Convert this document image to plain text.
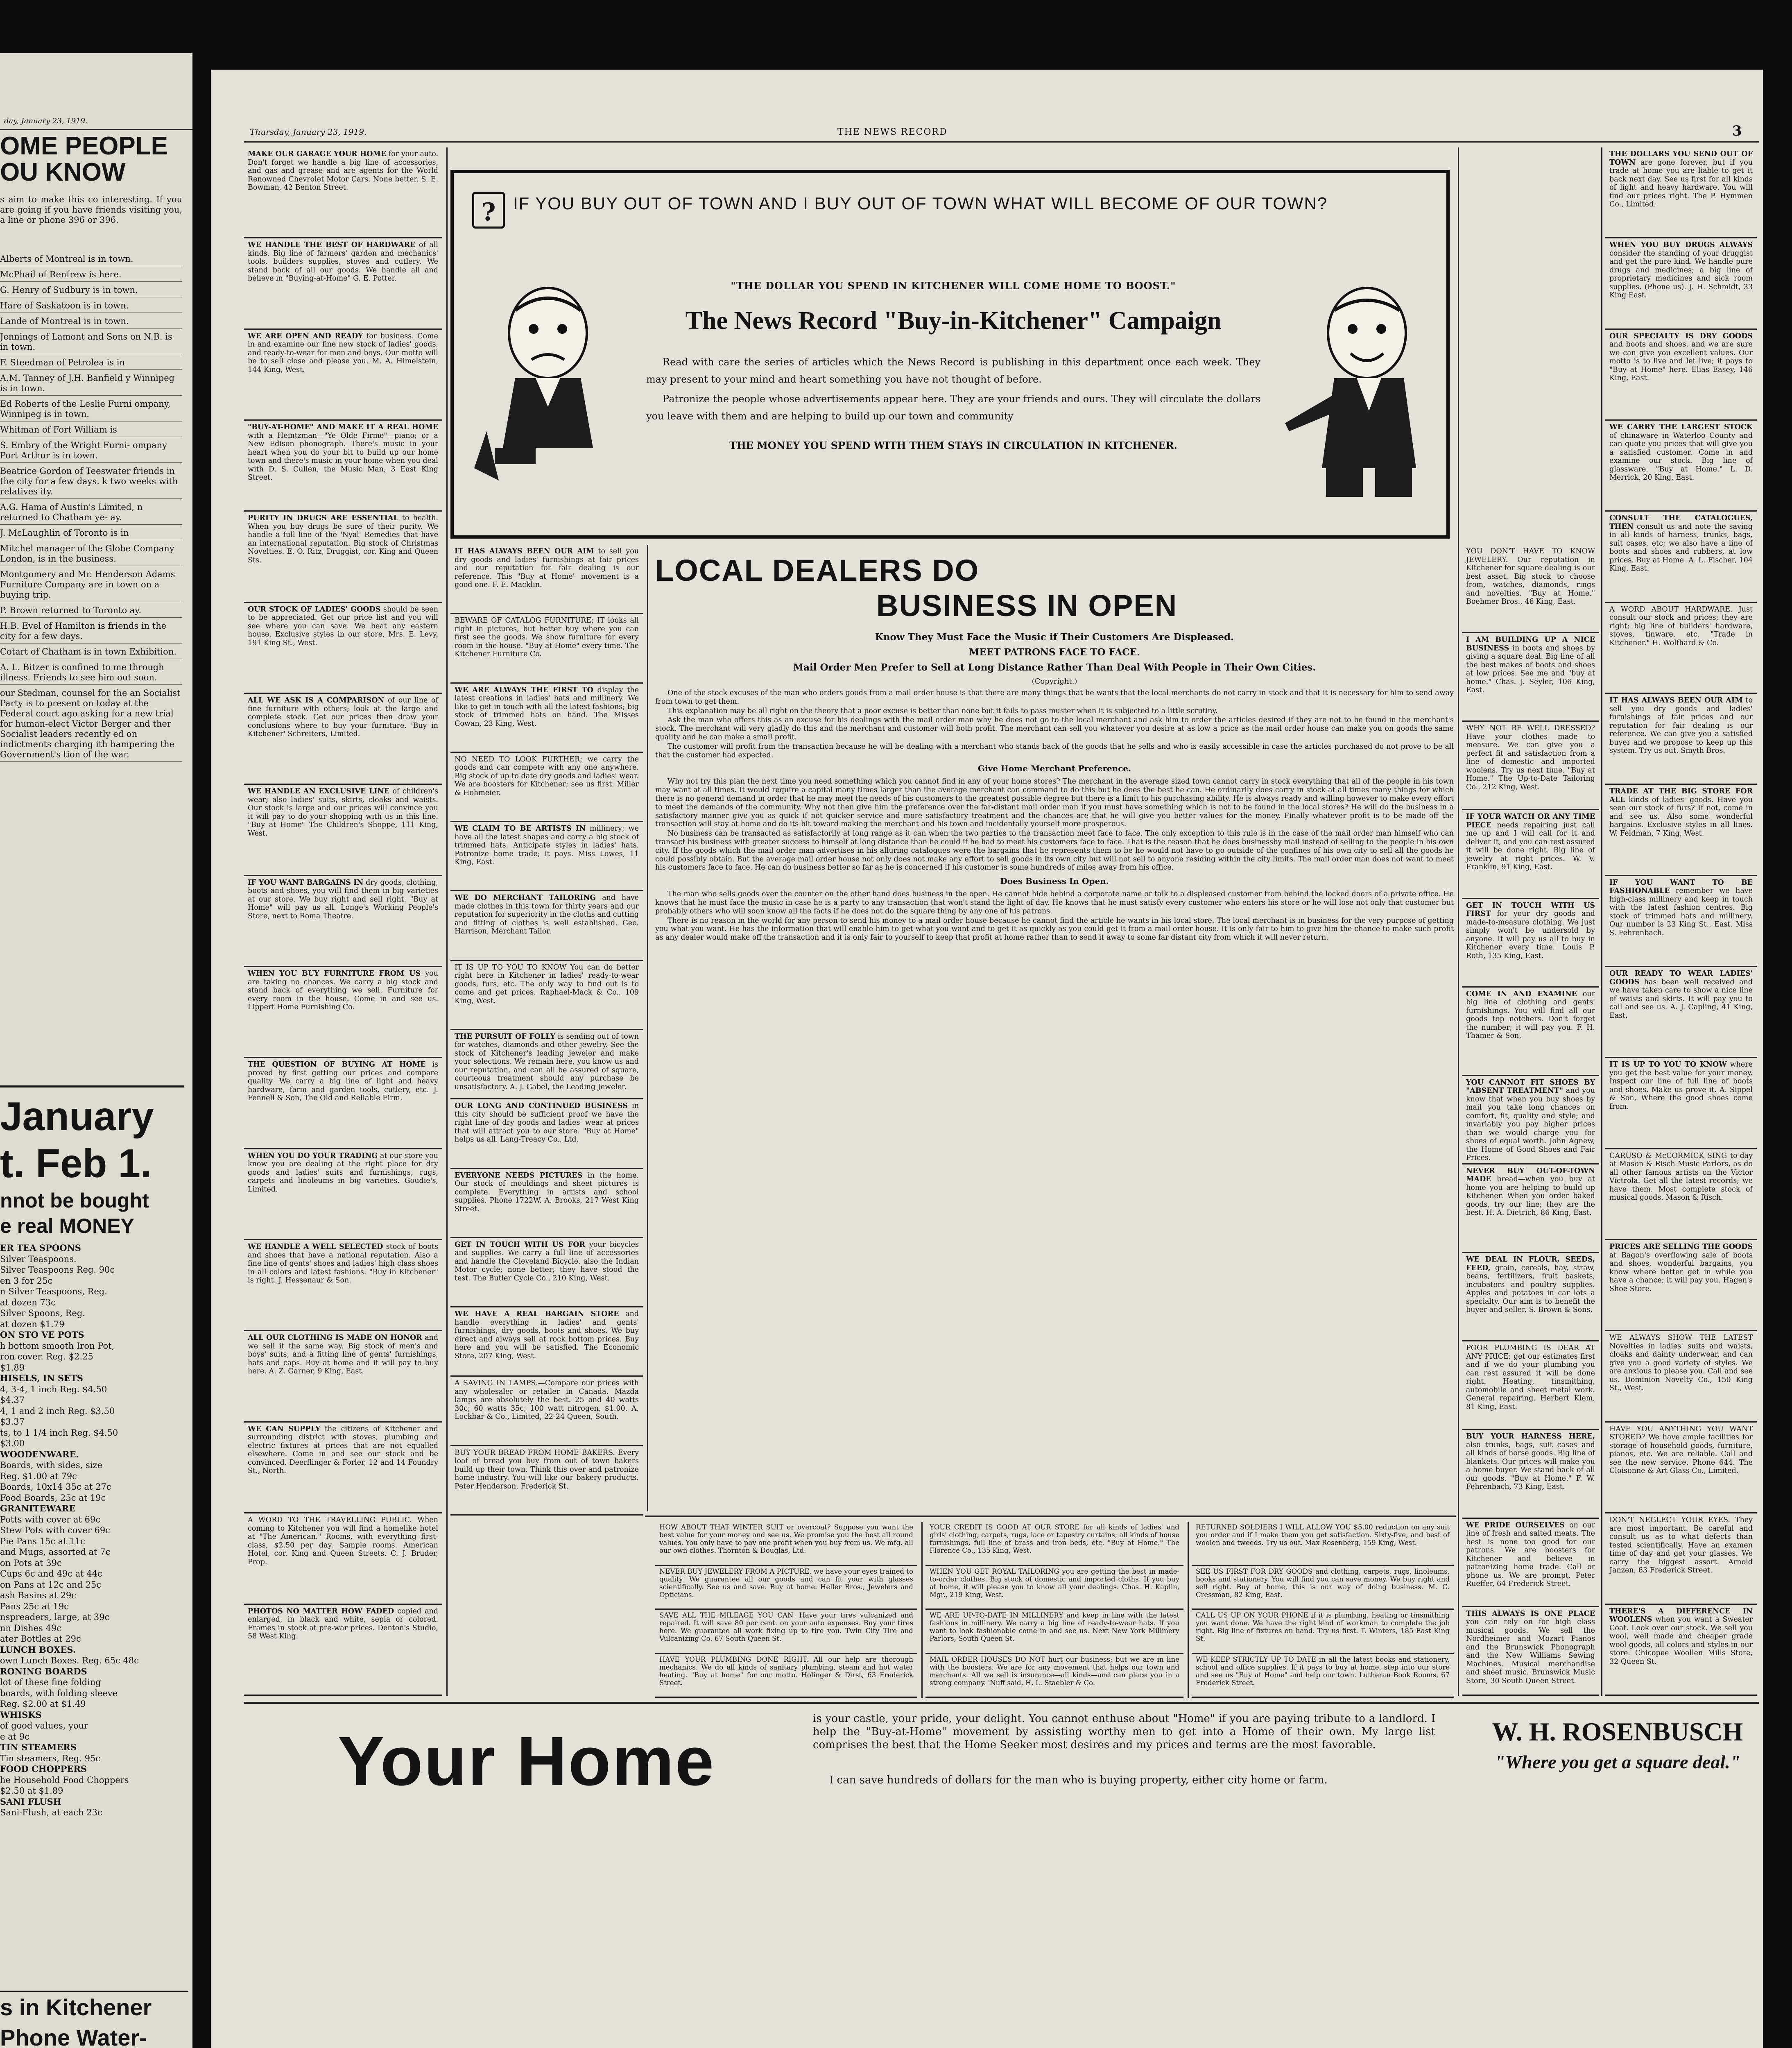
day, January 23, 1919.
OME PEOPLE
OU KNOW
s aim to make this co interesting. If you are going if you have friends visiting you, a line or phone 396 or 396.

Alberts of Montreal is in town.

McPhail of Renfrew is here.

G. Henry of Sudbury is in town.

Hare of Saskatoon is in town.

Lande of Montreal is in town.

Jennings of Lamont and Sons on N.B. is in town.

F. Steedman of Petrolea is in

A.M. Tanney of J.H. Banfield y Winnipeg is in town.

Ed Roberts of the Leslie Furni ompany, Winnipeg is in town.

Whitman of Fort William is

S. Embry of the Wright Furni- ompany Port Arthur is in town.

Beatrice Gordon of Teeswater friends in the city for a few days. k two weeks with relatives ity.

A.G. Hama of Austin's Limited, n returned to Chatham ye- ay.

J. McLaughlin of Toronto is in

Mitchel manager of the Globe Company London, is in the business.

Montgomery and Mr. Henderson Adams Furniture Company are in town on a buying trip.

P. Brown returned to Toronto ay.

H.B. Evel of Hamilton is friends in the city for a few days.

Cotart of Chatham is in town Exhibition.

A. L. Bitzer is confined to me through illness. Friends to see him out soon.

our Stedman, counsel for the an Socialist Party is to present on today at the Federal court ago asking for a new trial for human-elect Victor Berger and ther Socialist leaders recently ed on indictments charging ith hampering the Government's tion of the war.

January
t. Feb 1.
nnot be bought
e real MONEY
ER TEA SPOONS
Silver Teaspoons.
Silver Teaspoons Reg. 90c
en 3 for 25c
n Silver Teaspoons, Reg.
at dozen 73c
Silver Spoons, Reg.
at dozen $1.79
ON STO VE POTS
h bottom smooth Iron Pot,
ron cover. Reg. $2.25
$1.89
HISELS, IN SETS
4, 3-4, 1 inch Reg. $4.50
$4.37
4, 1 and 2 inch Reg. $3.50
$3.37
ts, to 1 1/4 inch Reg. $4.50
$3.00
WOODENWARE.
Boards, with sides, size
Reg. $1.00 at 79c
Boards, 10x14 35c at 27c
Food Boards, 25c at 19c
GRANITEWARE
Potts with cover at 69c
Stew Pots with cover 69c
Pie Pans 15c at 11c
and Mugs, assorted at 7c
on Pots at 39c
Cups 6c and 49c at 44c
on Pans at 12c and 25c
ash Basins at 29c
Pans 25c at 19c
nspreaders, large, at 39c
nn Dishes 49c
ater Bottles at 29c
LUNCH BOXES.
own Lunch Boxes. Reg. 65c 48c
RONING BOARDS
lot of these fine folding
boards, with folding sleeve
Reg. $2.00 at $1.49
WHISKS
of good values, your
e at 9c
TIN STEAMERS
Tin steamers, Reg. 95c
FOOD CHOPPERS
he Household Food Choppers
$2.50 at $1.89
SANI FLUSH
Sani-Flush, at each 23c
s in Kitchener
Phone Water-
Thursday, January 23, 1919.	THE NEWS RECORD	3

MAKE OUR GARAGE YOUR HOME for your auto. Don't forget we handle a big line of accessories, and gas and grease and are agents for the World Renowned Chevrolet Motor Cars. None better. S. E. Bowman, 42 Benton Street.

WE HANDLE THE BEST OF HARDWARE of all kinds. Big line of farmers' garden and mechanics' tools, builders supplies, stoves and cutlery. We stand back of all our goods. We handle all and believe in "Buying-at-Home" G. E. Potter.

WE ARE OPEN AND READY for business. Come in and examine our fine new stock of ladies' goods, and ready-to-wear for men and boys. Our motto will be to sell close and please you. M. A. Himelstein, 144 King, West.

"BUY-AT-HOME" AND MAKE IT A REAL HOME with a Heintzman—"Ye Olde Firme"—piano; or a New Edison phonograph. There's music in your heart when you do your bit to build up our home town and there's music in your home when you deal with D. S. Cullen, the Music Man, 3 East King Street.

PURITY IN DRUGS ARE ESSENTIAL to health. When you buy drugs be sure of their purity. We handle a full line of the 'Nyal' Remedies that have an international reputation. Big stock of Christmas Novelties. E. O. Ritz, Druggist, cor. King and Queen Sts.

OUR STOCK OF LADIES' GOODS should be seen to be appreciated. Get our price list and you will see where you can save. We beat any eastern house. Exclusive styles in our store, Mrs. E. Levy, 191 King St., West.

ALL WE ASK IS A COMPARISON of our line of fine furniture with others; look at the large and complete stock. Get our prices then draw your conclusions where to buy your furniture. 'Buy in Kitchener' Schreiters, Limited.

WE HANDLE AN EXCLUSIVE LINE of children's wear; also ladies' suits, skirts, cloaks and waists. Our stock is large and our prices will convince you it will pay to do your shopping with us in this line. "Buy at Home" The Children's Shoppe, 111 King, West.

IF YOU WANT BARGAINS IN dry goods, clothing, boots and shoes, you will find them in big varieties at our store. We buy right and sell right. "Buy at Home" will pay us all. Longe's Working People's Store, next to Roma Theatre.

WHEN YOU BUY FURNITURE FROM US you are taking no chances. We carry a big stock and stand back of everything we sell. Furniture for every room in the house. Come in and see us. Lippert Home Furnishing Co.

THE QUESTION OF BUYING AT HOME is proved by first getting our prices and compare quality. We carry a big line of light and heavy hardware, farm and garden tools, cutlery, etc. J. Fennell & Son, The Old and Reliable Firm.

WHEN YOU DO YOUR TRADING at our store you know you are dealing at the right place for dry goods and ladies' suits and furnishings, rugs, carpets and linoleums in big varieties. Goudie's, Limited.

WE HANDLE A WELL SELECTED stock of boots and shoes that have a national reputation. Also a fine line of gents' shoes and ladies' high class shoes in all colors and latest fashions. "Buy in Kitchener" is right. J. Hessenaur & Son.

ALL OUR CLOTHING IS MADE ON HONOR and we sell it the same way. Big stock of men's and boys' suits, and a fitting line of gents' furnishings, hats and caps. Buy at home and it will pay to buy here. A. Z. Garner, 9 King, East.

WE CAN SUPPLY the citizens of Kitchener and surrounding district with stoves, plumbing and electric fixtures at prices that are not equalled elsewhere. Come in and see our stock and be convinced. Deerflinger & Forler, 12 and 14 Foundry St., North.

A WORD TO THE TRAVELLING PUBLIC. When coming to Kitchener you will find a homelike hotel at "The American." Rooms, with everything first-class, $2.50 per day. Sample rooms. American Hotel, cor. King and Queen Streets. C. J. Bruder, Prop.

PHOTOS NO MATTER HOW FADED copied and enlarged, in black and white, sepia or colored. Frames in stock at pre-war prices. Denton's Studio, 58 West King.

?	IF YOU BUY OUT OF TOWN AND I BUY OUT OF TOWN WHAT WILL BECOME OF OUR TOWN?
"THE DOLLAR YOU SPEND IN KITCHENER WILL COME HOME TO BOOST."
The News Record "Buy-in-Kitchener" Campaign
Read with care the series of articles which the News Record is publishing in this department once each week. They may present to your mind and heart something you have not thought of before.
Patronize the people whose advertisements appear here. They are your friends and ours. They will circulate the dollars you leave with them and are helping to build up our town and community
THE MONEY YOU SPEND WITH THEM STAYS IN CIRCULATION IN KITCHENER.

IT HAS ALWAYS BEEN OUR AIM to sell you dry goods and ladies' furnishings at fair prices and our reputation for fair dealing is our reference. This "Buy at Home" movement is a good one. F. E. Macklin.

BEWARE OF CATALOG FURNITURE; IT looks all right in pictures, but better buy where you can first see the goods. We show furniture for every room in the house. "Buy at Home" every time. The Kitchener Furniture Co.

WE ARE ALWAYS THE FIRST TO display the latest creations in ladies' hats and millinery. We like to get in touch with all the latest fashions; big stock of trimmed hats on hand. The Misses Cowan, 23 King, West.

NO NEED TO LOOK FURTHER; we carry the goods and can compete with any one anywhere. Big stock of up to date dry goods and ladies' wear. We are boosters for Kitchener; see us first. Miller & Hohmeier.

WE CLAIM TO BE ARTISTS IN millinery; we have all the latest shapes and carry a big stock of trimmed hats. Anticipate styles in ladies' hats. Patronize home trade; it pays. Miss Lowes, 11 King, East.

WE DO MERCHANT TAILORING and have made clothes in this town for thirty years and our reputation for superiority in the cloths and cutting and fitting of clothes is well established. Geo. Harrison, Merchant Tailor.

IT IS UP TO YOU TO KNOW You can do better right here in Kitchener in ladies' ready-to-wear goods, furs, etc. The only way to find out is to come and get prices. Raphael-Mack & Co., 109 King, West.

THE PURSUIT OF FOLLY is sending out of town for watches, diamonds and other jewelry. See the stock of Kitchener's leading jeweler and make your selections. We remain here, you know us and our reputation, and can all be assured of square, courteous treatment should any purchase be unsatisfactory. A. J. Gabel, the Leading Jeweler.

OUR LONG AND CONTINUED BUSINESS in this city should be sufficient proof we have the right line of dry goods and ladies' wear at prices that will attract you to our store. "Buy at Home" helps us all. Lang-Treacy Co., Ltd.

EVERYONE NEEDS PICTURES in the home. Our stock of mouldings and sheet pictures is complete. Everything in artists and school supplies. Phone 1722W. A. Brooks, 217 West King Street.

GET IN TOUCH WITH US FOR your bicycles and supplies. We carry a full line of accessories and handle the Cleveland Bicycle, also the Indian Motor cycle; none better; they have stood the test. The Butler Cycle Co., 210 King, West.

WE HAVE A REAL BARGAIN STORE and handle everything in ladies' and gents' furnishings, dry goods, boots and shoes. We buy direct and always sell at rock bottom prices. Buy here and you will be satisfied. The Economic Store, 207 King, West.

A SAVING IN LAMPS.—Compare our prices with any wholesaler or retailer in Canada. Mazda lamps are absolutely the best. 25 and 40 watts 30c; 60 watts 35c; 100 watt nitrogen, $1.00. A. Lockbar & Co., Limited, 22-24 Queen, South.

BUY YOUR BREAD FROM HOME BAKERS. Every loaf of bread you buy from out of town bakers build up their town. Think this over and patronize home industry. You will like our bakery products. Peter Henderson, Frederick St.

LOCAL DEALERS DO
BUSINESS IN OPEN
Know They Must Face the Music if Their Customers Are Displeased.
MEET PATRONS FACE TO FACE.
Mail Order Men Prefer to Sell at Long Distance Rather Than Deal With People in Their Own Cities.
(Copyright.)

One of the stock excuses of the man who orders goods from a mail order house is that there are many things that he wants that the local merchants do not carry in stock and that it is necessary for him to send away from town to get them.

This explanation may be all right on the theory that a poor excuse is better than none but it fails to pass muster when it is subjected to a little scrutiny.

Ask the man who offers this as an excuse for his dealings with the mail order man why he does not go to the local merchant and ask him to order the articles desired if they are not to be found in the merchant's stock. The merchant will very gladly do this and the merchant and customer will both profit. The merchant can sell you whatever you desire at as low a price as the mail order house can make you on goods the same quality and he can make a small profit.

The customer will profit from the transaction because he will be dealing with a merchant who stands back of the goods that he sells and who is easily accessible in case the articles purchased do not prove to be all that the customer had expected.

Give Home Merchant Preference.

Why not try this plan the next time you need something which you cannot find in any of your home stores? The merchant in the average sized town cannot carry in stock everything that all of the people in his town may want at all times. It would require a capital many times larger than the average merchant can command to do this but he does the best he can. He ordinarily does carry in stock at all times many things for which there is no general demand in order that he may meet the needs of his customers to the greatest possible degree but there is a limit to his purchasing ability. He is always ready and willing however to make every effort to meet the demands of the community. Why not then give him the preference over the far-distant mail order man if you must have something which is not to be found in the local stores? He will do the business in a satisfactory manner give you as quick if not quicker service and more satisfactory treatment and the chances are that he will give you better values for the money. Finally whatever profit is to be made off the transaction will stay at home and do its bit toward making the merchant and his town and incidentally yourself more prosperous.

No business can be transacted as satisfactorily at long range as it can when the two parties to the transaction meet face to face. The only exception to this rule is in the case of the mail order man himself who can transact his business with greater success to himself at long distance than he could if he had to meet his customers face to face. That is the reason that he does businessby mail instead of selling to the people in his own city. If the goods which the mail order man advertises in his alluring catalogues were the bargains that he represents them to be he would not have to go outside of the confines of his own city to sell all the goods he could possibly obtain. But the average mail order house not only does not make any effort to sell goods in its own city but will not sell to anyone residing within the city limits. The mail order man does not want to meet his customers face to face. He can do business better so far as he is concerned if his customer is some hundreds of miles away from his office.

Does Business In Open.

The man who sells goods over the counter on the other hand does business in the open. He cannot hide behind a corporate name or talk to a displeased customer from behind the locked doors of a private office. He knows that he must face the music in case he is a party to any transaction that won't stand the light of day. He knows that he must satisfy every customer who enters his store or he will lose not only that customer but probably others who will soon know all the facts if he does not do the square thing by any one of his patrons.

There is no reason in the world for any person to send his money to a mail order house because he cannot find the article he wants in his local store. The local merchant is in business for the very purpose of getting you what you want. He has the information that will enable him to get what you want and to get it as quickly as you could get it from a mail order house. It is only fair to him to give him the chance to make such profit as any dealer would make off the transaction and it is only fair to yourself to keep that profit at home rather than to send it away to some far distant city from which it will never return.

HOW ABOUT THAT WINTER SUIT or overcoat? Suppose you want the best value for your money and see us. We promise you the best all round values. You only have to pay one profit when you buy from us. We mfg. all our own clothes. Thornton & Douglas, Ltd.

NEVER BUY JEWELERY FROM A PICTURE, we have your eyes trained to quality. We guarantee all our goods and can fit your with glasses scientifically. See us and save. Buy at home. Heller Bros., Jewelers and Opticians.

SAVE ALL THE MILEAGE YOU CAN. Have your tires vulcanized and repaired. It will save 80 per cent. on your auto expenses. Buy your tires here. We guarantee all work fixing up to tire you. Twin City Tire and Vulcanizing Co. 67 South Queen St.

HAVE YOUR PLUMBING DONE RIGHT. All our help are thorough mechanics. We do all kinds of sanitary plumbing, steam and hot water heating. "Buy at home" for our motto. Holinger & Dirst, 63 Frederick Street.

YOUR CREDIT IS GOOD AT OUR STORE for all kinds of ladies' and girls' clothing, carpets, rugs, lace or tapestry curtains, all kinds of house furnishings, full line of brass and iron beds, etc. "Buy at Home." The Florence Co., 135 King, West.

WHEN YOU GET ROYAL TAILORING you are getting the best in made-to-order clothes. Big stock of domestic and imported cloths. If you buy at home, it will please you to know all your dealings. Chas. H. Kaplin, Mgr., 219 King, West.

WE ARE UP-TO-DATE IN MILLINERY and keep in line with the latest fashions in millinery. We carry a big line of ready-to-wear hats. If you want to look fashionable come in and see us. Next New York Millinery Parlors, South Queen St.

MAIL ORDER HOUSES DO NOT hurt our business; but we are in line with the boosters. We are for any movement that helps our town and merchants. All we sell is insurance—all kinds—and can place you in a strong company. 'Nuff said. H. L. Staebler & Co.

RETURNED SOLDIERS I WILL ALLOW YOU $5.00 reduction on any suit you order and if I make them you get satisfaction. Sixty-five, and best of woolen and tweeds. Try us out. Max Rosenberg, 159 King, West.

SEE US FIRST FOR DRY GOODS and clothing, carpets, rugs, linoleums, books and stationery. You will find you can save money. We buy right and sell right. Buy at home, this is our way of doing business. M. G. Cressman, 82 King, East.

CALL US UP ON YOUR PHONE if it is plumbing, heating or tinsmithing you want done. We have the right kind of workman to complete the job right. Big line of fixtures on hand. Try us first. T. Winters, 185 East King St.

WE KEEP STRICTLY UP TO DATE in all the latest books and stationery, school and office supplies. If it pays to buy at home, step into our store and see us "Buy at Home" and help our town. Lutheran Book Rooms, 67 Frederick Street.

YOU DON'T HAVE TO KNOW JEWELERY. Our reputation in Kitchener for square dealing is our best asset. Big stock to choose from, watches, diamonds, rings and novelties. "Buy at Home." Boehmer Bros., 46 King, East.

I AM BUILDING UP A NICE BUSINESS in boots and shoes by giving a square deal. Big line of all the best makes of boots and shoes at low prices. See me and "buy at home." Chas. J. Seyler, 106 King, East.

WHY NOT BE WELL DRESSED? Have your clothes made to measure. We can give you a perfect fit and satisfaction from a line of domestic and imported woolens. Try us next time. "Buy at Home." The Up-to-Date Tailoring Co., 212 King, West.

IF YOUR WATCH OR ANY TIME PIECE needs repairing just call me up and I will call for it and deliver it, and you can rest assured it will be done right. Big line of jewelry at right prices. W. V. Franklin, 91 King, East.

GET IN TOUCH WITH US FIRST for your dry goods and made-to-measure clothing. We just simply won't be undersold by anyone. It will pay us all to buy in Kitchener every time. Louis P. Roth, 135 King, East.

COME IN AND EXAMINE our big line of clothing and gents' furnishings. You will find all our goods top notchers. Don't forget the number; it will pay you. F. H. Thamer & Son.

YOU CANNOT FIT SHOES BY "ABSENT TREATMENT" and you know that when you buy shoes by mail you take long chances on comfort, fit, quality and style; and invariably you pay higher prices than we would charge you for shoes of equal worth. John Agnew, the Home of Good Shoes and Fair Prices.

NEVER BUY OUT-OF-TOWN MADE bread—when you buy at home you are helping to build up Kitchener. When you order baked goods, try our line; they are the best. H. A. Dietrich, 86 King, East.

WE DEAL IN FLOUR, SEEDS, FEED, grain, cereals, hay, straw, beans, fertilizers, fruit baskets, incubators and poultry supplies. Apples and potatoes in car lots a specialty. Our aim is to benefit the buyer and seller. S. Brown & Sons.

POOR PLUMBING IS DEAR AT ANY PRICE; get our estimates first and if we do your plumbing you can rest assured it will be done right. Heating, tinsmithing, automobile and sheet metal work. General repairing. Herbert Klem, 81 King, East.

BUY YOUR HARNESS HERE, also trunks, bags, suit cases and all kinds of horse goods. Big line of blankets. Our prices will make you a home buyer. We stand back of all our goods. "Buy at Home." F. W. Fehrenbach, 73 King, East.

WE PRIDE OURSELVES on our line of fresh and salted meats. The best is none too good for our patrons. We are boosters for Kitchener and believe in patronizing home trade. Call or phone us. We are prompt. Peter Rueffer, 64 Frederick Street.

THIS ALWAYS IS ONE PLACE you can rely on for high class musical goods. We sell the Nordheimer and Mozart Pianos and the Brunswick Phonograph and the New Williams Sewing Machines. Musical merchandise and sheet music. Brunswick Music Store, 30 South Queen Street.

THE DOLLARS YOU SEND OUT OF TOWN are gone forever, but if you trade at home you are liable to get it back next day. See us first for all kinds of light and heavy hardware. You will find our prices right. The P. Hymmen Co., Limited.

WHEN YOU BUY DRUGS ALWAYS consider the standing of your druggist and get the pure kind. We handle pure drugs and medicines; a big line of proprietary medicines and sick room supplies. (Phone us). J. H. Schmidt, 33 King East.

OUR SPECIALTY IS DRY GOODS and boots and shoes, and we are sure we can give you excellent values. Our motto is to live and let live; it pays to "Buy at Home" here. Elias Easey, 146 King, East.

WE CARRY THE LARGEST STOCK of chinaware in Waterloo County and can quote you prices that will give you a satisfied customer. Come in and examine our stock. Big line of glassware. "Buy at Home." L. D. Merrick, 20 King, East.

CONSULT THE CATALOGUES, THEN consult us and note the saving in all kinds of harness, trunks, bags, suit cases, etc; we also have a line of boots and shoes and rubbers, at low prices. Buy at Home. A. L. Fischer, 104 King, East.

A WORD ABOUT HARDWARE. Just consult our stock and prices; they are right; big line of builders' hardware, stoves, tinware, etc. "Trade in Kitchener." H. Wolfhard & Co.

IT HAS ALWAYS BEEN OUR AIM to sell you dry goods and ladies' furnishings at fair prices and our reputation for fair dealing is our reference. We can give you a satisfied buyer and we propose to keep up this system. Try us out. Smyth Bros.

TRADE AT THE BIG STORE FOR ALL kinds of ladies' goods. Have you seen our stock of furs? If not, come in and see us. Also some wonderful bargains. Exclusive styles in all lines. W. Feldman, 7 King, West.

IF YOU WANT TO BE FASHIONABLE remember we have high-class millinery and keep in touch with the latest fashion centres. Big stock of trimmed hats and millinery. Our number is 23 King St., East. Miss S. Fehrenbach.

OUR READY TO WEAR LADIES' GOODS has been well received and we have taken care to show a nice line of waists and skirts. It will pay you to call and see us. A. J. Capling, 41 King, East.

IT IS UP TO YOU TO KNOW where you get the best value for your money. Inspect our line of full line of boots and shoes. Make us prove it. A. Sippel & Son, Where the good shoes come from.

CARUSO & McCORMICK SING to-day at Mason & Risch Music Parlors, as do all other famous artists on the Victor Victrola. Get all the latest records; we have them. Most complete stock of musical goods. Mason & Risch.

PRICES ARE SELLING THE GOODS at Bagon's overflowing sale of boots and shoes, wonderful bargains, you know where better get in while you have a chance; it will pay you. Hagen's Shoe Store.

WE ALWAYS SHOW THE LATEST Novelties in ladies' suits and waists, cloaks and dainty underwear, and can give you a good variety of styles. We are anxious to please you. Call and see us. Dominion Novelty Co., 150 King St., West.

HAVE YOU ANYTHING YOU WANT STORED? We have ample facilities for storage of household goods, furniture, pianos, etc. We are reliable. Call and see the new service. Phone 644. The Cloisonne & Art Glass Co., Limited.

DON'T NEGLECT YOUR EYES. They are most important. Be careful and consult us as to what defects than tested scientifically. Have an examen time of day and get your glasses. We carry the biggest assort. Arnold Janzen, 63 Frederick Street.

THERE'S A DIFFERENCE IN WOOLENS when you want a Sweater Coat. Look over our stock. We sell you wool, well made and cheaper grade wool goods, all colors and styles in our store. Chicopee Woollen Mills Store, 32 Queen St.

Your Home
is your castle, your pride, your delight. You cannot enthuse about "Home" if you are paying tribute to a landlord. I help the "Buy-at-Home" movement by assisting worthy men to get into a Home of their own. My large list comprises the best that the Home Seeker most desires and my prices and terms are the most favorable.
I can save hundreds of dollars for the man who is buying property, either city home or farm.
W. H. ROSENBUSCH
"Where you get a square deal."
